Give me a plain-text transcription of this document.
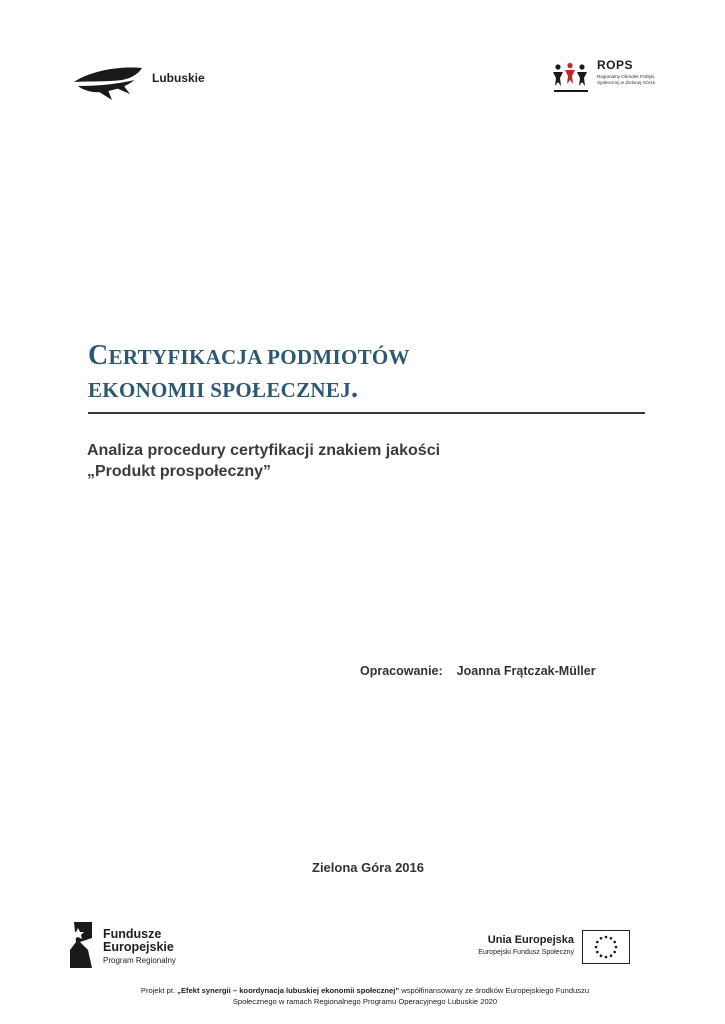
Lubuskie
ROPS
Regionalny Ośrodek Polityki Społecznej w Zielonej Górze
CERTYFIKACJA PODMIOTÓW
EKONOMII SPOŁECZNEJ.
Analiza procedury certyfikacji znakiem jakości
„Produkt prospołeczny”
Opracowanie: Joanna Frątczak-Müller
Zielona Góra 2016
Fundusze
Europejskie
Program Regionalny
Unia Europejska
Europejski Fundusz Społeczny
Projekt pt. „Efekt synergii – koordynacja lubuskiej ekonomii społecznej” współfinansowany ze środków Europejskiego Funduszu
Społecznego w ramach Regionalnego Programu Operacyjnego Lubuskie 2020
